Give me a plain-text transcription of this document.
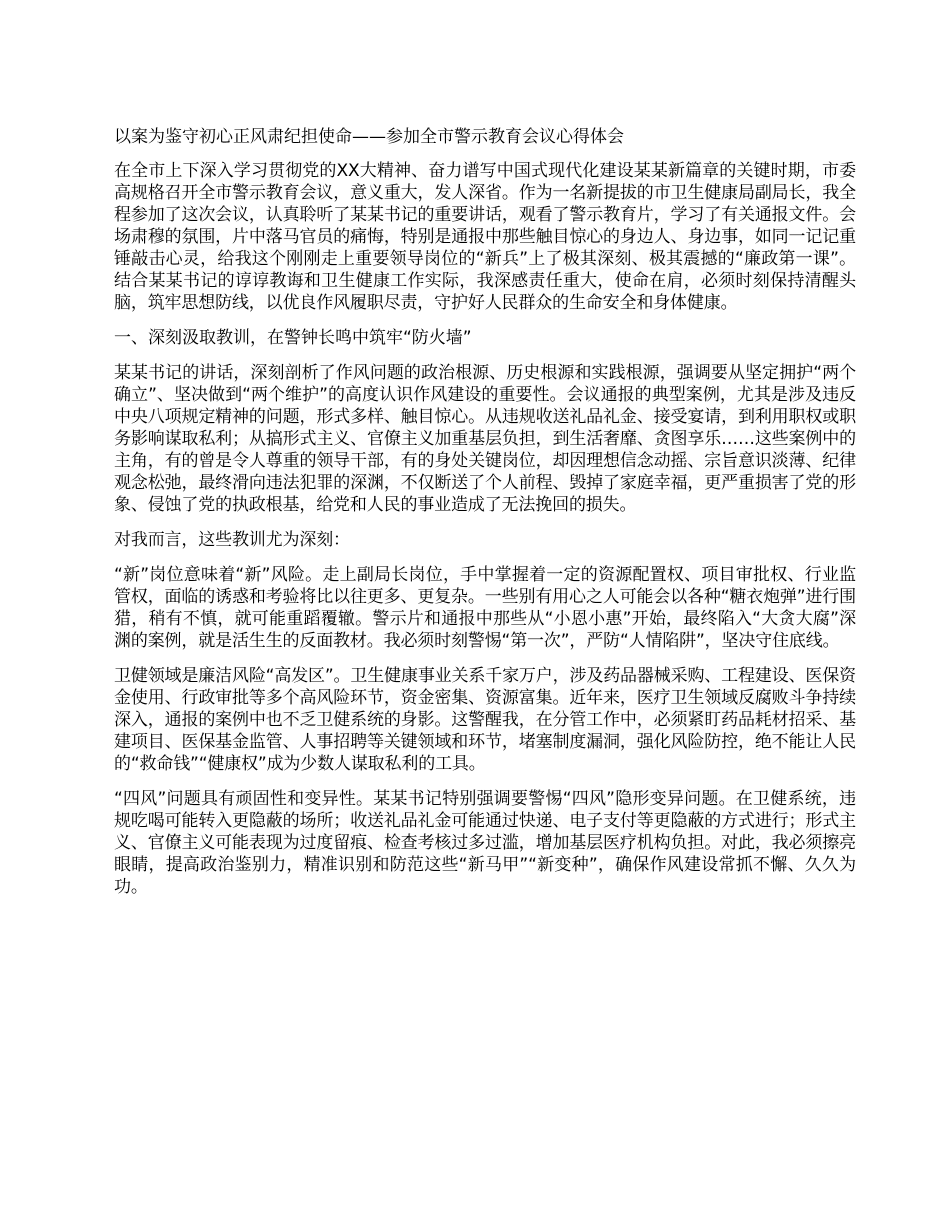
以案为鉴守初心正风肃纪担使命——参加全市警示教育会议心得体会

在全市上下深入学习贯彻党的XX大精神、奋力谱写中国式现代化建设某某新篇章的关键时期，市委高规格召开全市警示教育会议，意义重大，发人深省。作为一名新提拔的市卫生健康局副局长，我全程参加了这次会议，认真聆听了某某书记的重要讲话，观看了警示教育片，学习了有关通报文件。会场肃穆的氛围，片中落马官员的痛悔，特别是通报中那些触目惊心的身边人、身边事，如同一记记重锤敲击心灵，给我这个刚刚走上重要领导岗位的“新兵”上了极其深刻、极其震撼的“廉政第一课”。结合某某书记的谆谆教诲和卫生健康工作实际，我深感责任重大，使命在肩，必须时刻保持清醒头脑，筑牢思想防线，以优良作风履职尽责，守护好人民群众的生命安全和身体健康。

一、深刻汲取教训，在警钟长鸣中筑牢“防火墙”

某某书记的讲话，深刻剖析了作风问题的政治根源、历史根源和实践根源，强调要从坚定拥护“两个确立”、坚决做到“两个维护”的高度认识作风建设的重要性。会议通报的典型案例，尤其是涉及违反中央八项规定精神的问题，形式多样、触目惊心。从违规收送礼品礼金、接受宴请，到利用职权或职务影响谋取私利；从搞形式主义、官僚主义加重基层负担，到生活奢靡、贪图享乐……这些案例中的主角，有的曾是令人尊重的领导干部，有的身处关键岗位，却因理想信念动摇、宗旨意识淡薄、纪律观念松弛，最终滑向违法犯罪的深渊，不仅断送了个人前程、毁掉了家庭幸福，更严重损害了党的形象、侵蚀了党的执政根基，给党和人民的事业造成了无法挽回的损失。

对我而言，这些教训尤为深刻：

“新”岗位意味着“新”风险。走上副局长岗位，手中掌握着一定的资源配置权、项目审批权、行业监管权，面临的诱惑和考验将比以往更多、更复杂。一些别有用心之人可能会以各种“糖衣炮弹”进行围猎，稍有不慎，就可能重蹈覆辙。警示片和通报中那些从“小恩小惠”开始，最终陷入“大贪大腐”深渊的案例，就是活生生的反面教材。我必须时刻警惕“第一次”，严防“人情陷阱”，坚决守住底线。

卫健领域是廉洁风险“高发区”。卫生健康事业关系千家万户，涉及药品器械采购、工程建设、医保资金使用、行政审批等多个高风险环节，资金密集、资源富集。近年来，医疗卫生领域反腐败斗争持续深入，通报的案例中也不乏卫健系统的身影。这警醒我，在分管工作中，必须紧盯药品耗材招采、基建项目、医保基金监管、人事招聘等关键领域和环节，堵塞制度漏洞，强化风险防控，绝不能让人民的“救命钱”“健康权”成为少数人谋取私利的工具。

“四风”问题具有顽固性和变异性。某某书记特别强调要警惕“四风”隐形变异问题。在卫健系统，违规吃喝可能转入更隐蔽的场所；收送礼品礼金可能通过快递、电子支付等更隐蔽的方式进行；形式主义、官僚主义可能表现为过度留痕、检查考核过多过滥，增加基层医疗机构负担。对此，我必须擦亮眼睛，提高政治鉴别力，精准识别和防范这些“新马甲”“新变种”，确保作风建设常抓不懈、久久为功。
